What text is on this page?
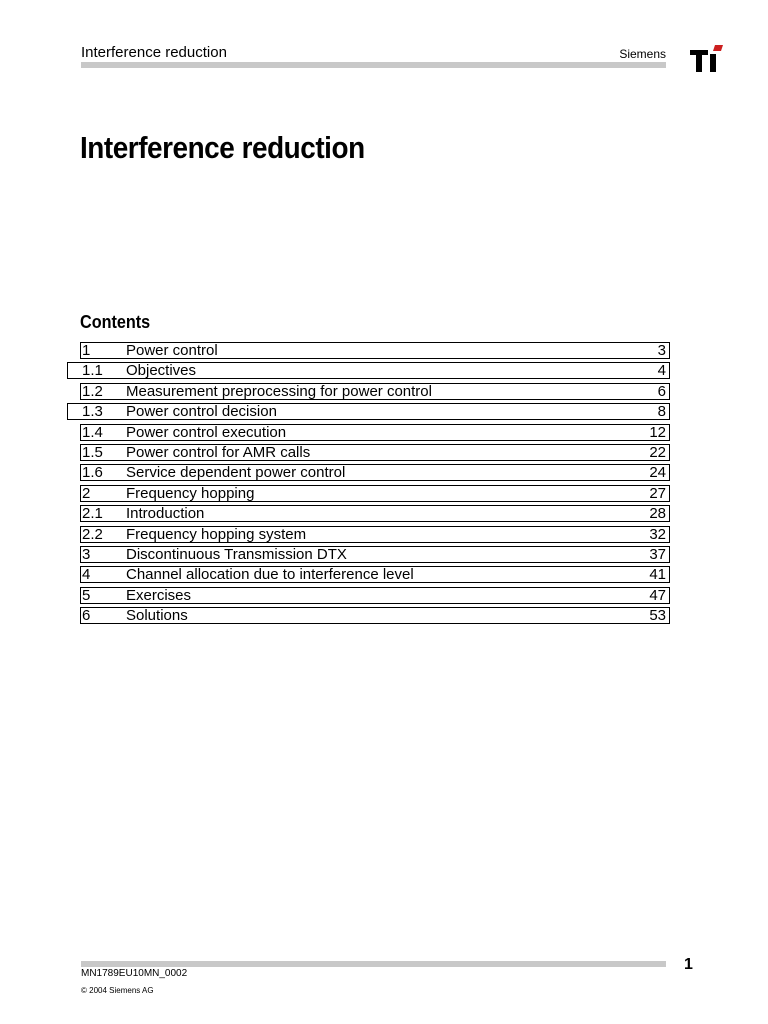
Interference reduction	Siemens
Interference reduction
Contents
1 Power control	3
1.1 Objectives	4
1.2 Measurement preprocessing for power control	6
1.3 Power control decision	8
1.4 Power control execution	12
1.5 Power control for AMR calls	22
1.6 Service dependent power control	24
2 Frequency hopping	27
2.1 Introduction	28
2.2 Frequency hopping system	32
3 Discontinuous Transmission DTX	37
4 Channel allocation due to interference level	41
5 Exercises	47
6 Solutions	53
1
MN1789EU10MN_0002
© 2004 Siemens AG
